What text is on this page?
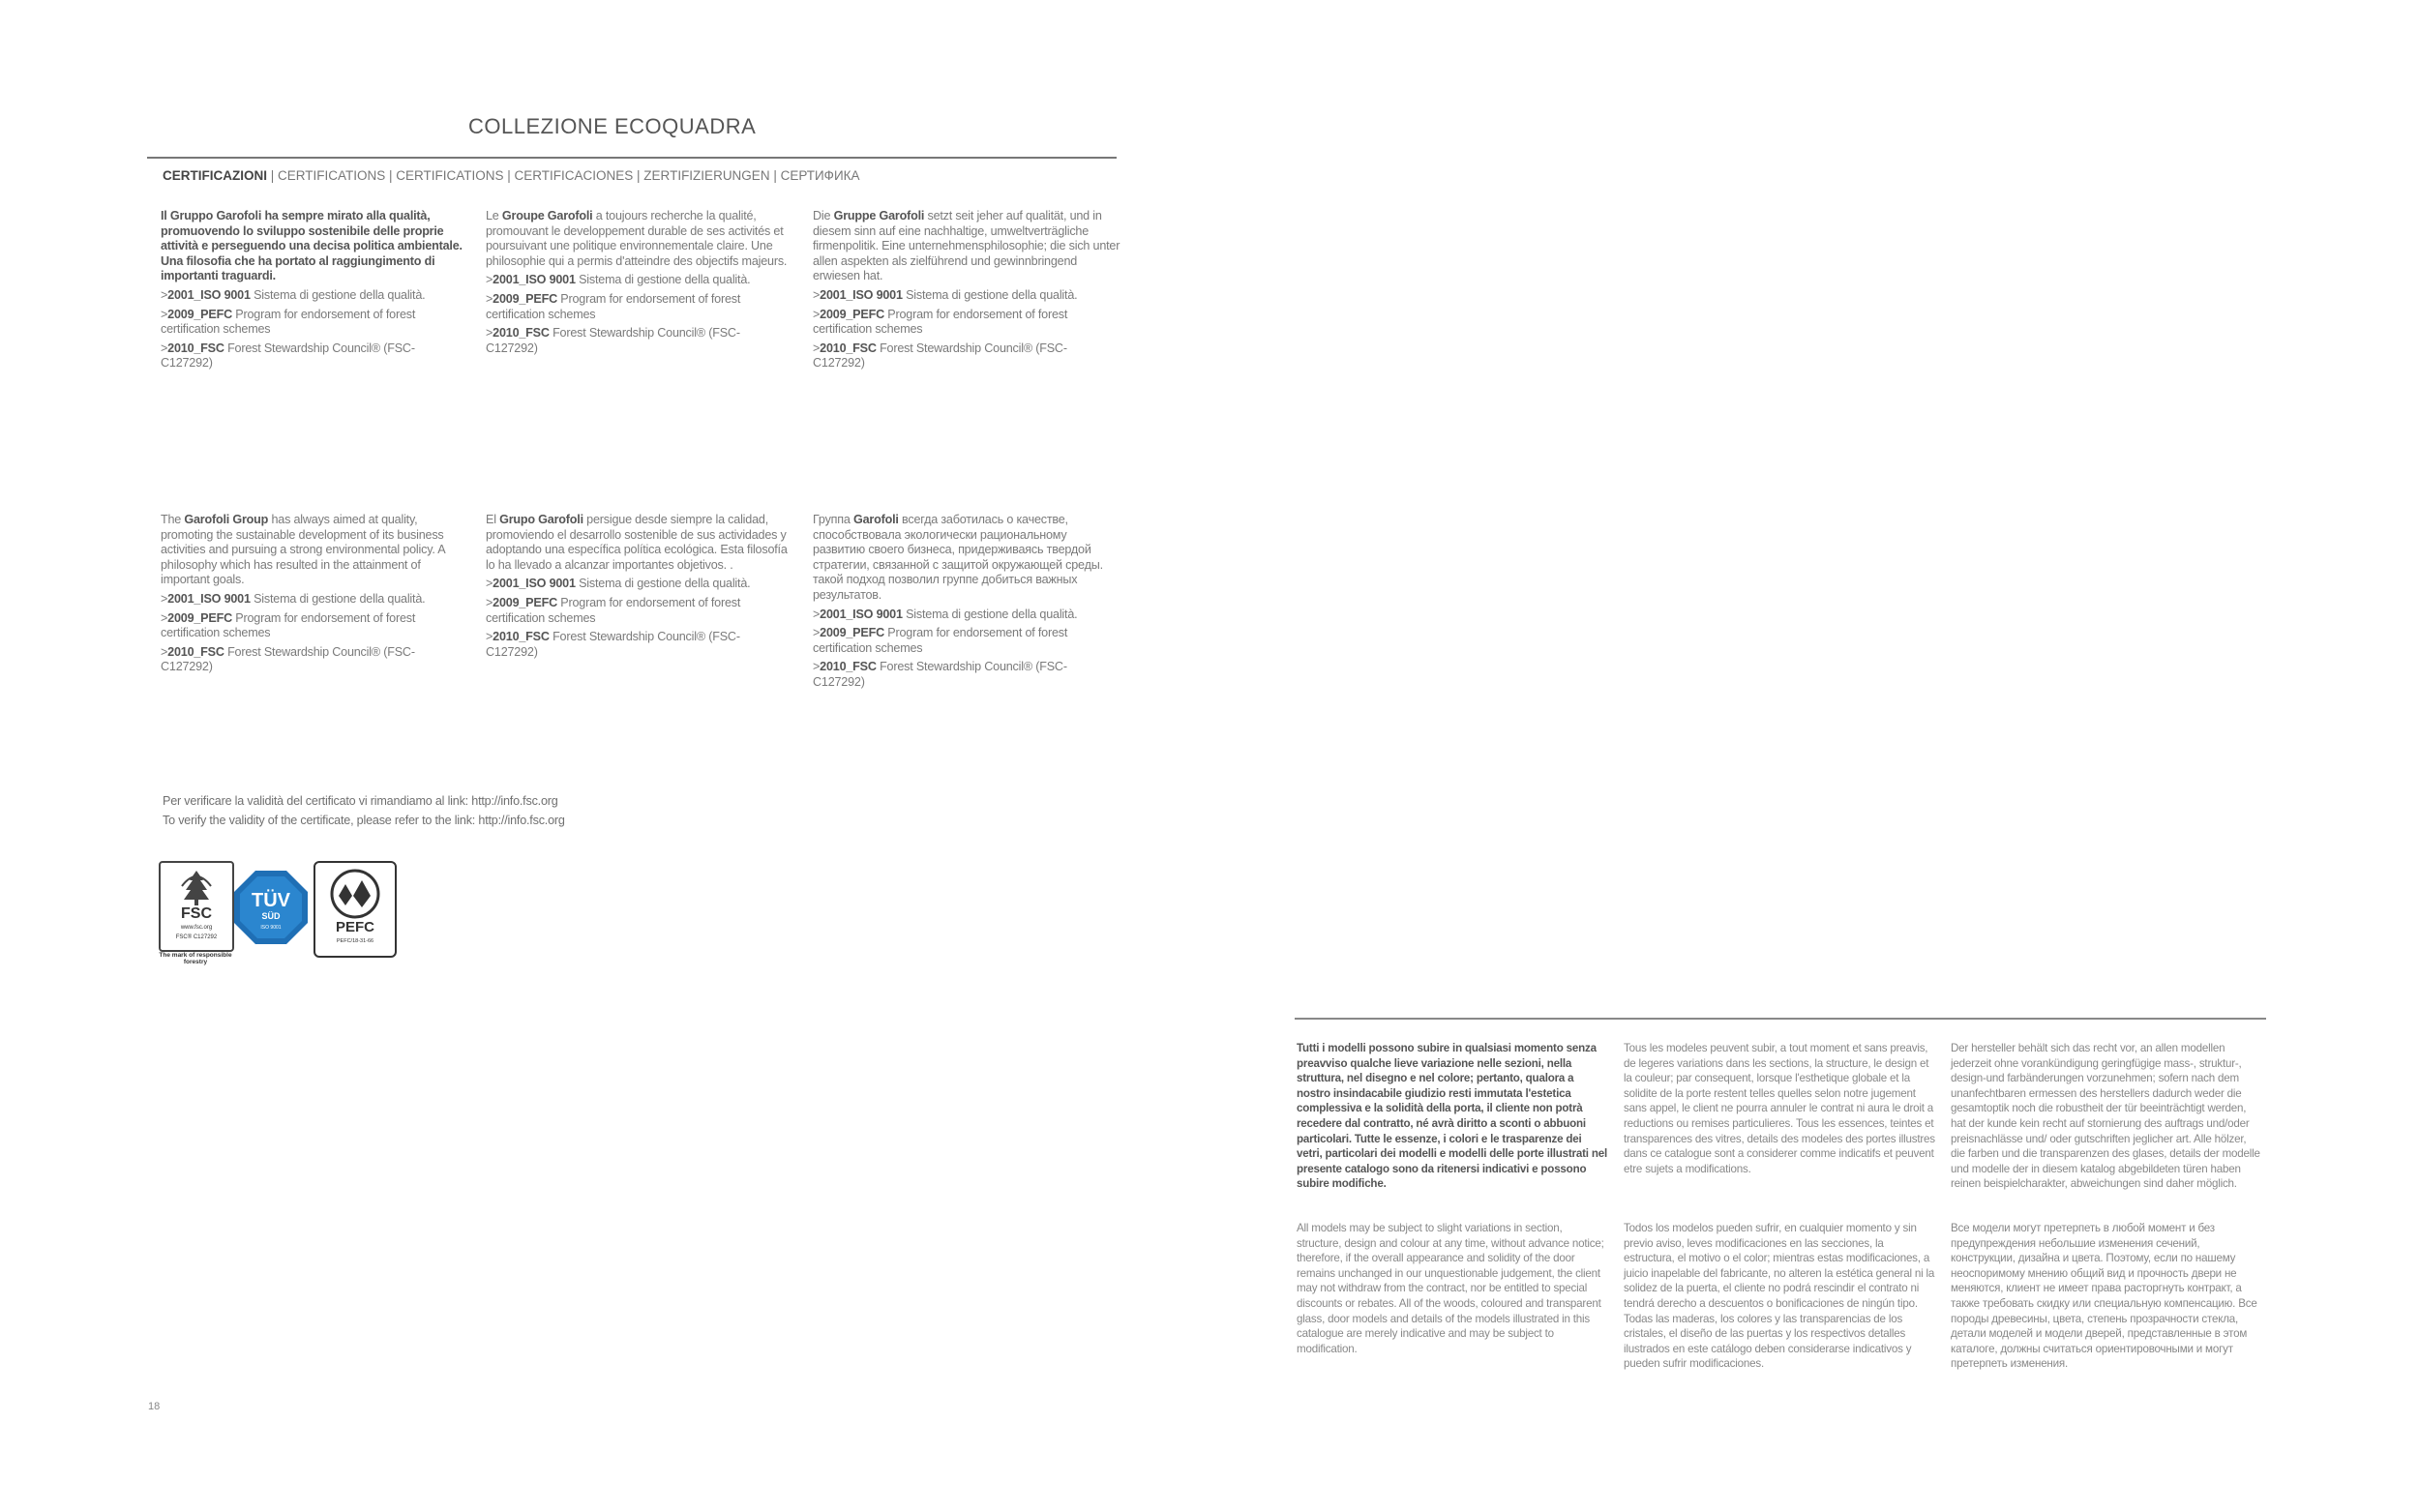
COLLEZIONE ECOQUADRA
CERTIFICAZIONI | CERTIFICATIONS | CERTIFICATIONS | CERTIFICACIONES | ZERTIFIZIERUNGEN | СЕРТИФИКА

Il Gruppo Garofoli ha sempre mirato alla qualità, promuovendo lo sviluppo sostenibile delle proprie attività e perseguendo una decisa politica ambientale. Una filosofia che ha portato al raggiungimento di importanti traguardi.

>2001_ISO 9001 Sistema di gestione della qualità.

>2009_PEFC Program for endorsement of forest certification schemes

>2010_FSC Forest Stewardship Council® (FSC- C127292)

Le Groupe Garofoli a toujours recherche la qualité, promouvant le developpement durable de ses activités et poursuivant une politique environnementale claire. Une philosophie qui a permis d'atteindre des objectifs majeurs.

>2001_ISO 9001 Sistema di gestione della qualità.

>2009_PEFC Program for endorsement of forest certification schemes

>2010_FSC Forest Stewardship Council® (FSC- C127292)

Die Gruppe Garofoli setzt seit jeher auf qualität, und in diesem sinn auf eine nachhaltige, umweltverträgliche firmenpolitik. Eine unternehmensphilosophie; die sich unter allen aspekten als zielführend und gewinnbringend erwiesen hat.

>2001_ISO 9001 Sistema di gestione della qualità.

>2009_PEFC Program for endorsement of forest certification schemes

>2010_FSC Forest Stewardship Council® (FSC- C127292)

The Garofoli Group has always aimed at quality, promoting the sustainable development of its business activities and pursuing a strong environmental policy. A philosophy which has resulted in the attainment of important goals.

>2001_ISO 9001 Sistema di gestione della qualità.

>2009_PEFC Program for endorsement of forest certification schemes

>2010_FSC Forest Stewardship Council® (FSC- C127292)

El Grupo Garofoli persigue desde siempre la calidad, promoviendo el desarrollo sostenible de sus actividades y adoptando una específica política ecológica. Esta filosofía lo ha llevado a alcanzar importantes objetivos. .

>2001_ISO 9001 Sistema di gestione della qualità.

>2009_PEFC Program for endorsement of forest certification schemes

>2010_FSC Forest Stewardship Council® (FSC- C127292)

Группа Garofoli всегда заботилась о качестве, способствовала экологически рациональному развитию своего бизнеса, придерживаясь твердой стратегии, связанной с защитой окружающей среды. такой подход позволил группе добиться важных результатов.

>2001_ISO 9001 Sistema di gestione della qualità.

>2009_PEFC Program for endorsement of forest certification schemes

>2010_FSC Forest Stewardship Council® (FSC- C127292)

Per verificare la validità del certificato vi rimandiamo al link: http://info.fsc.org
To verify the validity of the certificate, please refer to the link: http://info.fsc.org
FSC
www.fsc.org
FSC® C127292
The mark of responsible forestry
TÜV
SÜD
ISO 9001	PEFC
PEFC/18-31-66
18
Tutti i modelli possono subire in qualsiasi momento senza preavviso qualche lieve variazione nelle sezioni, nella struttura, nel disegno e nel colore; pertanto, qualora a nostro insindacabile giudizio resti immutata l'estetica complessiva e la solidità della porta, il cliente non potrà recedere dal contratto, né avrà diritto a sconti o abbuoni particolari. Tutte le essenze, i colori e le trasparenze dei vetri, particolari dei modelli e modelli delle porte illustrati nel presente catalogo sono da ritenersi indicativi e possono subire modifiche.
Tous les modeles peuvent subir, a tout moment et sans preavis, de legeres variations dans les sections, la structure, le design et la couleur; par consequent, lorsque l'esthetique globale et la solidite de la porte restent telles quelles selon notre jugement sans appel, le client ne pourra annuler le contrat ni aura le droit a reductions ou remises particulieres. Tous les essences, teintes et transparences des vitres, details des modeles des portes illustres dans ce catalogue sont a considerer comme indicatifs et peuvent etre sujets a modifications.
Der hersteller behält sich das recht vor, an allen modellen jederzeit ohne vorankündigung geringfügige mass-, struktur-, design-und farbänderungen vorzunehmen; sofern nach dem unanfechtbaren ermessen des herstellers dadurch weder die gesamtoptik noch die robustheit der tür beeinträchtigt werden, hat der kunde kein recht auf stornierung des auftrags und/oder preisnachlässe und/ oder gutschriften jeglicher art. Alle hölzer, die farben und die transparenzen des glases, details der modelle und modelle der in diesem katalog abgebildeten türen haben reinen beispielcharakter, abweichungen sind daher möglich.
All models may be subject to slight variations in section, structure, design and colour at any time, without advance notice; therefore, if the overall appearance and solidity of the door remains unchanged in our unquestionable judgement, the client may not withdraw from the contract, nor be entitled to special discounts or rebates. All of the woods, coloured and transparent glass, door models and details of the models illustrated in this catalogue are merely indicative and may be subject to modification.
Todos los modelos pueden sufrir, en cualquier momento y sin previo aviso, leves modificaciones en las secciones, la estructura, el motivo o el color; mientras estas modificaciones, a juicio inapelable del fabricante, no alteren la estética general ni la solidez de la puerta, el cliente no podrá rescindir el contrato ni tendrá derecho a descuentos o bonificaciones de ningún tipo. Todas las maderas, los colores y las transparencias de los cristales, el diseño de las puertas y los respectivos detalles ilustrados en este catálogo deben considerarse indicativos y pueden sufrir modificaciones.
Все модели могут претерпеть в любой момент и без предупреждения небольшие изменения сечений, конструкции, дизайна и цвета. Поэтому, если по нашему неоспоримому мнению общий вид и прочность двери не меняются, клиент не имеет права расторгнуть контракт, а также требовать скидку или специальную компенсацию. Все породы древесины, цвета, степень прозрачности стекла, детали моделей и модели дверей, представленные в этом каталоге, должны считаться ориентировочными и могут претерпеть изменения.
